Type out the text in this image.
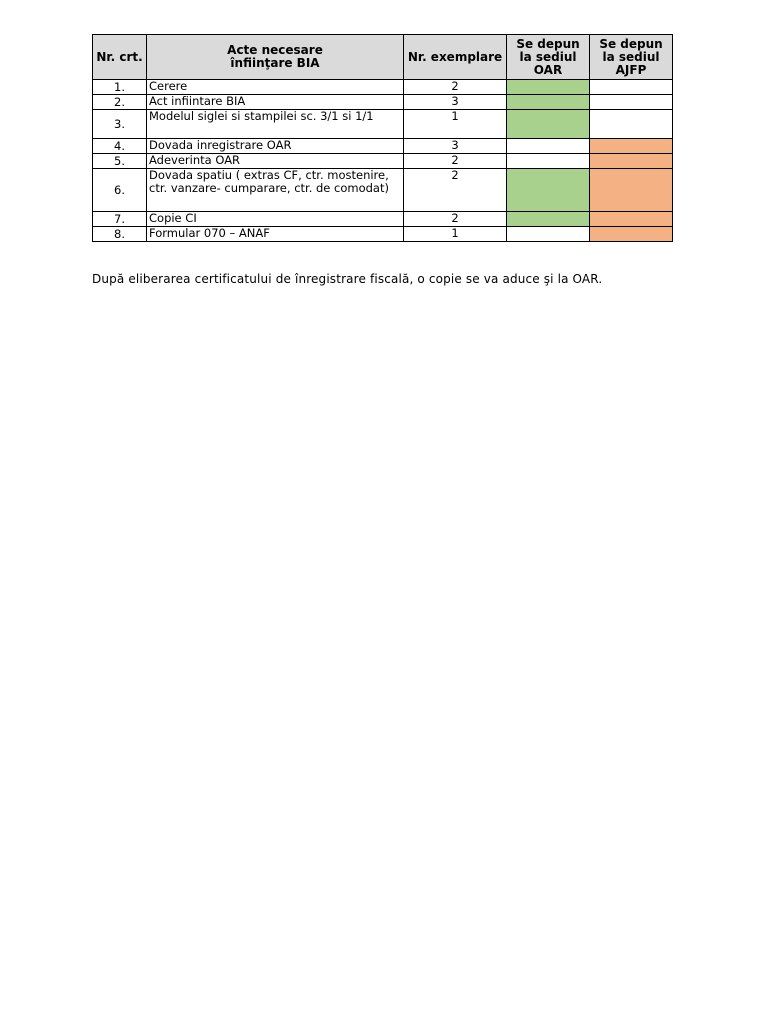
Nr. crt.	Acte necesare
înfiinţare BIA	Nr. exemplare	Se depun
la sediul
OAR	Se depun
la sediul
AJFP
1.	Cerere	2		
2.	Act infiintare BIA	3		
3.	Modelul siglei si stampilei sc. 3/1 si 1/1	1		
4.	Dovada inregistrare OAR	3		
5.	Adeverinta OAR	2		
6.	Dovada spatiu ( extras CF, ctr. mostenire, ctr. vanzare- cumparare, ctr. de comodat)	2		
7.	Copie CI	2		
8.	Formular 070 – ANAF	1		
După eliberarea certificatului de înregistrare fiscală, o copie se va aduce şi la OAR.
